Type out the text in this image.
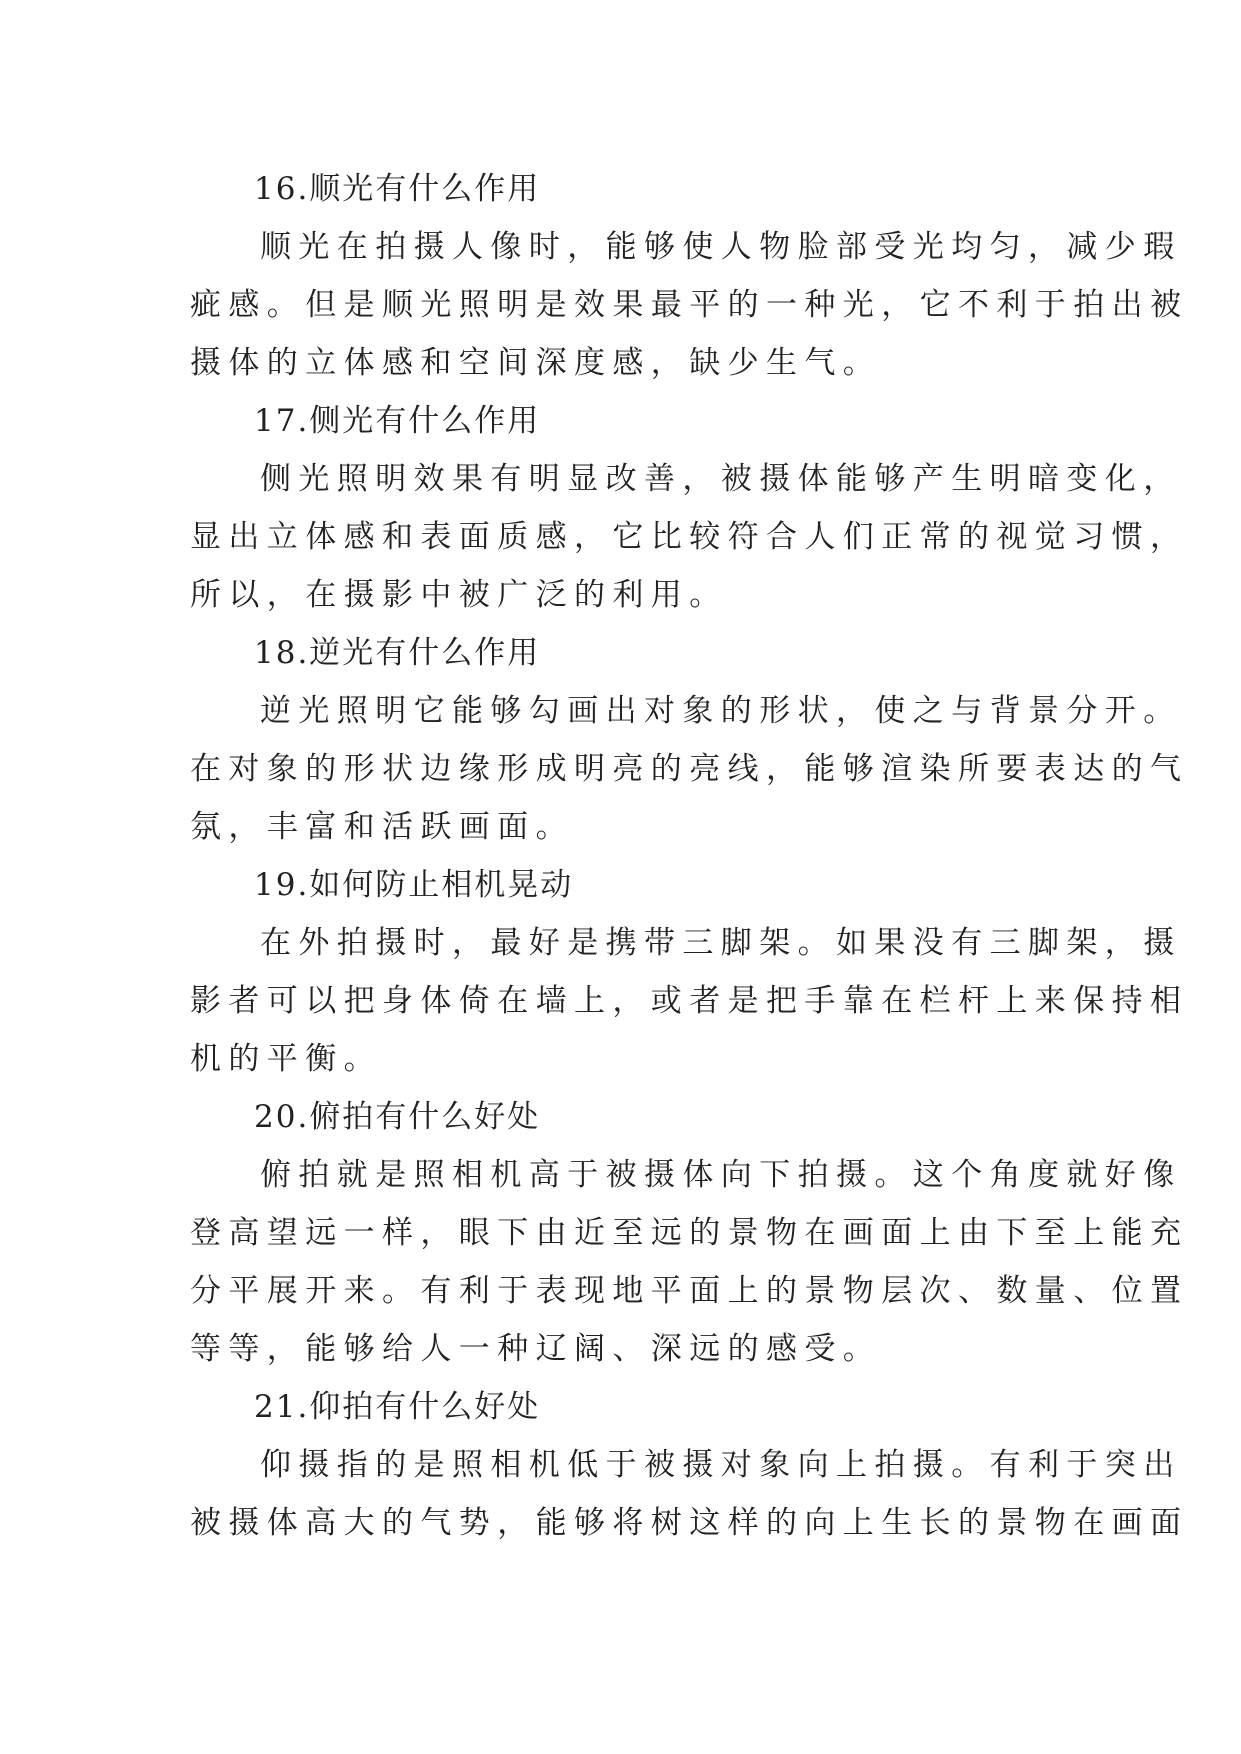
16.顺光有什么作用
顺光在拍摄人像时，能够使人物脸部受光均匀，减少瑕
疵感。但是顺光照明是效果最平的一种光，它不利于拍出被
摄体的立体感和空间深度感，缺少生气。
17.侧光有什么作用
侧光照明效果有明显改善，被摄体能够产生明暗变化，
显出立体感和表面质感，它比较符合人们正常的视觉习惯，
所以，在摄影中被广泛的利用。
18.逆光有什么作用
逆光照明它能够勾画出对象的形状，使之与背景分开。
在对象的形状边缘形成明亮的亮线，能够渲染所要表达的气
氛，丰富和活跃画面。
19.如何防止相机晃动
在外拍摄时，最好是携带三脚架。如果没有三脚架，摄
影者可以把身体倚在墙上，或者是把手靠在栏杆上来保持相
机的平衡。
20.俯拍有什么好处
俯拍就是照相机高于被摄体向下拍摄。这个角度就好像
登高望远一样，眼下由近至远的景物在画面上由下至上能充
分平展开来。有利于表现地平面上的景物层次、数量、位置
等等，能够给人一种辽阔、深远的感受。
21.仰拍有什么好处
仰摄指的是照相机低于被摄对象向上拍摄。有利于突出
被摄体高大的气势，能够将树这样的向上生长的景物在画面
